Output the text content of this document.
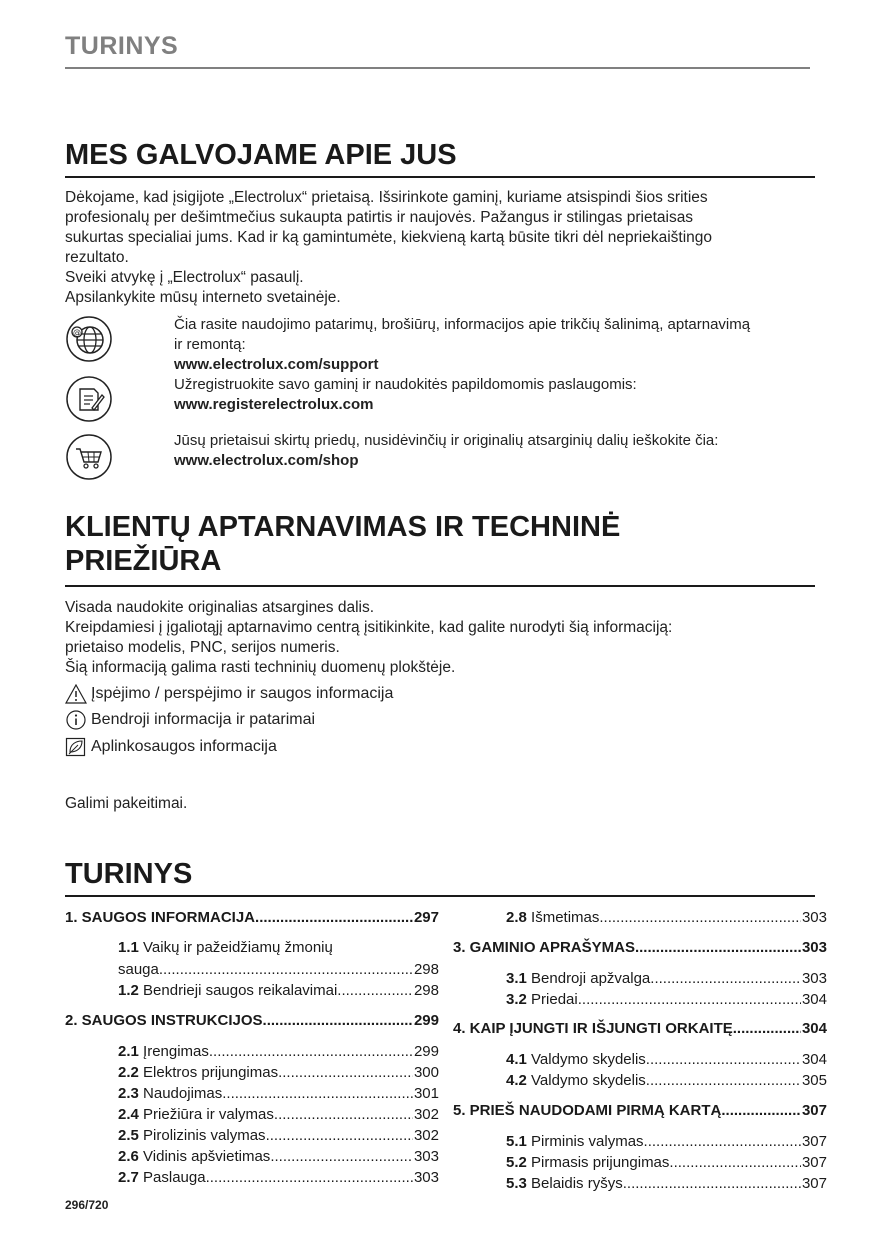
TURINYS
MES GALVOJAME APIE JUS
Dėkojame, kad įsigijote „Electrolux“ prietaisą. Išsirinkote gaminį, kuriame atsispindi šios srities
profesionalų per dešimtmečius sukaupta patirtis ir naujovės. Pažangus ir stilingas prietaisas
sukurtas specialiai jums. Kad ir ką gamintumėte, kiekvieną kartą būsite tikri dėl nepriekaištingo
rezultato.
Sveiki atvykę į „Electrolux“ pasaulį.
Apsilankykite mūsų interneto svetainėje.
@	Čia rasite naudojimo patarimų, brošiūrų, informacijos apie trikčių šalinimą, aptarnavimą
ir remontą:
www.electrolux.com/support
Užregistruokite savo gaminį ir naudokitės papildomomis paslaugomis:
www.registerelectrolux.com
Jūsų prietaisui skirtų priedų, nusidėvinčių ir originalių atsarginių dalių ieškokite čia:
www.electrolux.com/shop
KLIENTŲ APTARNAVIMAS IR TECHNINĖ
PRIEŽIŪRA
Visada naudokite originalias atsargines dalis.
Kreipdamiesi į įgaliotąjį aptarnavimo centrą įsitikinkite, kad galite nurodyti šią informaciją:
prietaiso modelis, PNC, serijos numeris.
Šią informaciją galima rasti techninių duomenų plokštėje.
Įspėjimo / perspėjimo ir saugos informacija
Bendroji informacija ir patarimai
Aplinkosaugos informacija
Galimi pakeitimai.
TURINYS
1. SAUGOS INFORMACIJA .....	297
1.1 Vaikų ir pažeidžiamų žmonių
sauga .....	298
1.2 Bendrieji saugos reikalavimai .....	298
2. SAUGOS INSTRUKCIJOS .....	299
2.1 Įrengimas .....	299
2.2 Elektros prijungimas .....	300
2.3 Naudojimas .....	301
2.4 Priežiūra ir valymas .....	302
2.5 Pirolizinis valymas .....	302
2.6 Vidinis apšvietimas .....	303
2.7 Paslauga .....	303
2.8 Išmetimas .....	303
3. GAMINIO APRAŠYMAS .....	303
3.1 Bendroji apžvalga .....	303
3.2 Priedai .....	304
4. KAIP ĮJUNGTI IR IŠJUNGTI ORKAITĘ .....	304
4.1 Valdymo skydelis .....	304
4.2 Valdymo skydelis .....	305
5. PRIEŠ NAUDODAMI PIRMĄ KARTĄ .....	307
5.1 Pirminis valymas .....	307
5.2 Pirmasis prijungimas .....	307
5.3 Belaidis ryšys .....	307
296/720
